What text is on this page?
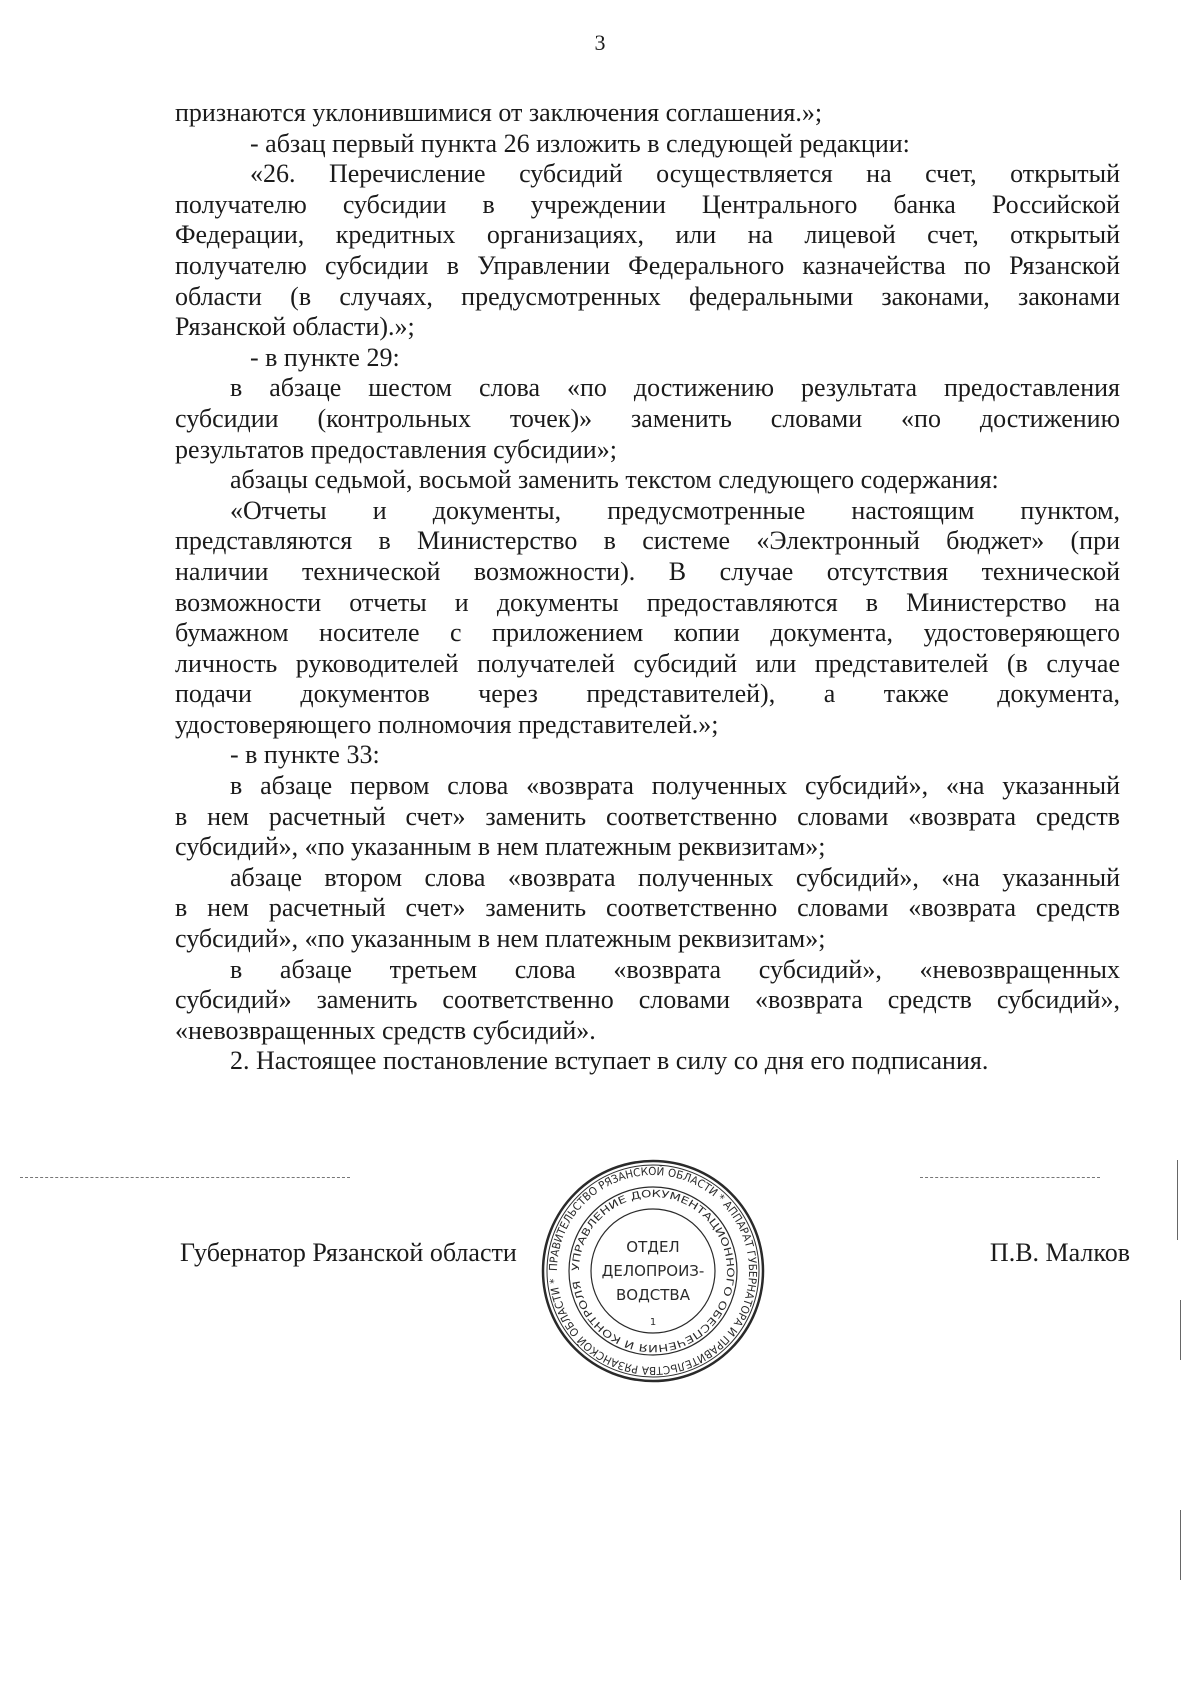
3
признаются уклонившимися от заключения соглашения.»;
- абзац первый пункта 26 изложить в следующей редакции:
«26. Перечисление субсидий осуществляется на счет, открытый
получателю субсидии в учреждении Центрального банка Российской
Федерации, кредитных организациях, или на лицевой счет, открытый
получателю субсидии в Управлении Федерального казначейства по Рязанской
области (в случаях, предусмотренных федеральными законами, законами
Рязанской области).»;
- в пункте 29:
в абзаце шестом слова «по достижению результата предоставления
субсидии (контрольных точек)» заменить словами «по достижению
результатов предоставления субсидии»;
абзацы седьмой, восьмой заменить текстом следующего содержания:
«Отчеты и документы, предусмотренные настоящим пунктом,
представляются в Министерство в системе «Электронный бюджет» (при
наличии технической возможности). В случае отсутствия технической
возможности отчеты и документы предоставляются в Министерство на
бумажном носителе с приложением копии документа, удостоверяющего
личность руководителей получателей субсидий или представителей (в случае
подачи документов через представителей), а также документа,
удостоверяющего полномочия представителей.»;
- в пункте 33:
в абзаце первом слова «возврата полученных субсидий», «на указанный
в нем расчетный счет» заменить соответственно словами «возврата средств
субсидий», «по указанным в нем платежным реквизитам»;
абзаце втором слова «возврата полученных субсидий», «на указанный
в нем расчетный счет» заменить соответственно словами «возврата средств
субсидий», «по указанным в нем платежным реквизитам»;
в абзаце третьем слова «возврата субсидий», «невозвращенных
субсидий» заменить соответственно словами «возврата средств субсидий»,
«невозвращенных средств субсидий».
2. Настоящее постановление вступает в силу со дня его подписания.
Губернатор Рязанской области	П.В. Малков
ПРАВИТЕЛЬСТВО РЯЗАНСКОЙ ОБЛАСТИ * АППАРАТ ГУБЕРНАТОРА И ПРАВИТЕЛЬСТВА РЯЗАНСКОЙ ОБЛАСТИ *
УПРАВЛЕНИЕ ДОКУМЕНТАЦИОННОГО ОБЕСПЕЧЕНИЯ И КОНТРОЛЯ
ОТДЕЛ
ДЕЛОПРОИЗ-
ВОДСТВА
1
